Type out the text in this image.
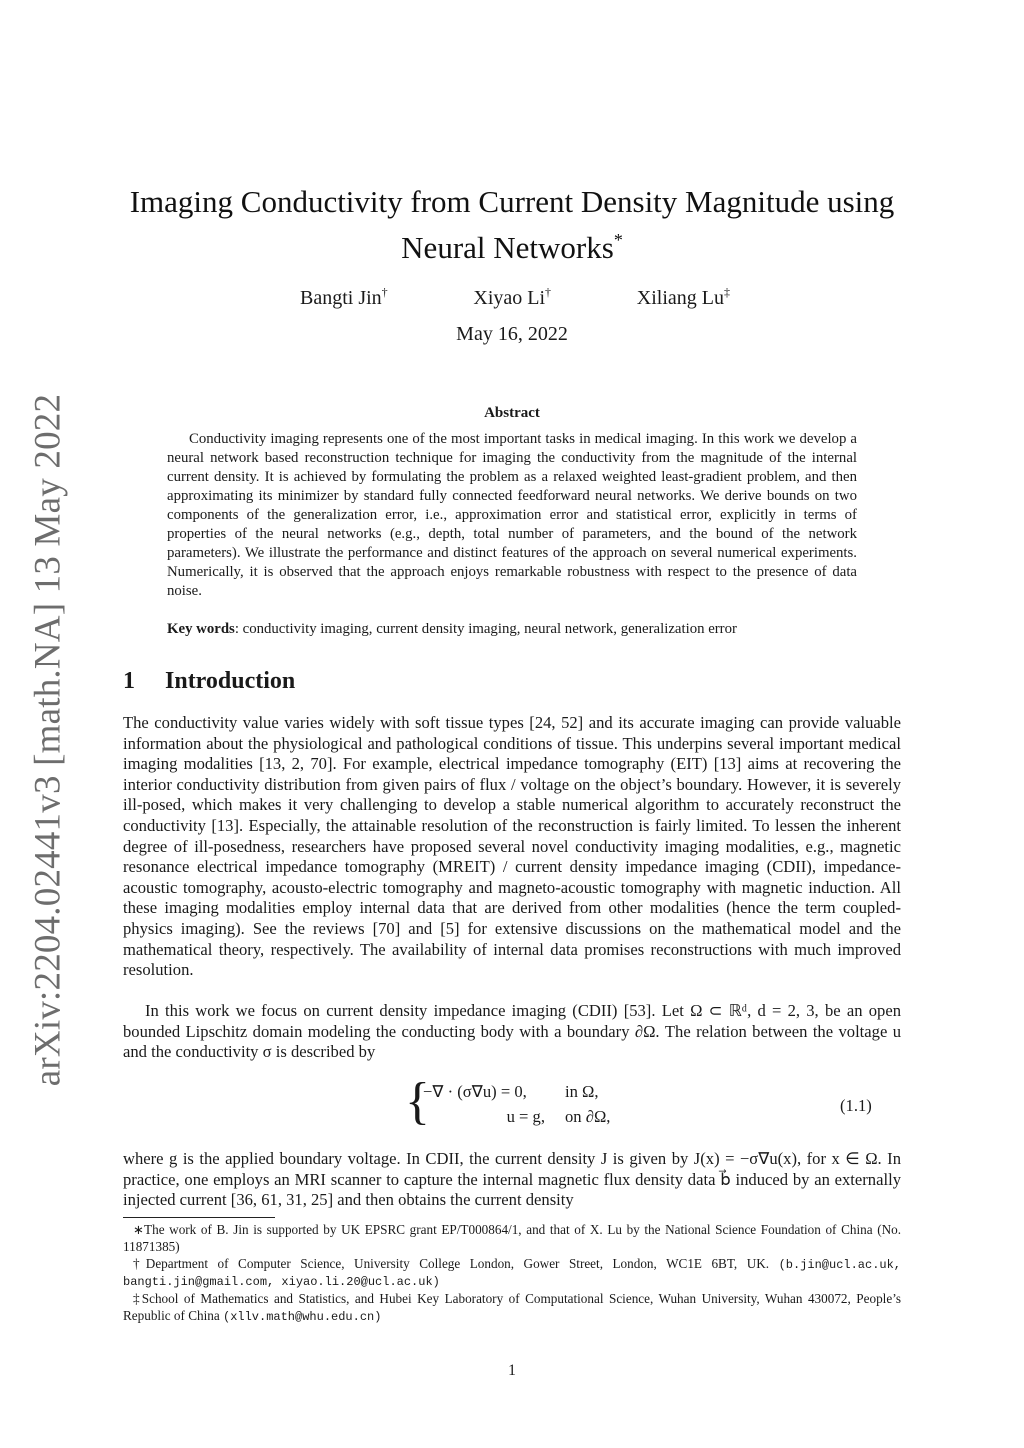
arXiv:2204.02441v3 [math.NA] 13 May 2022
Imaging Conductivity from Current Density Magnitude using Neural Networks*
Bangti Jin†	Xiyao Li†	Xiliang Lu‡
May 16, 2022
Abstract
Conductivity imaging represents one of the most important tasks in medical imaging. In this work we develop a neural network based reconstruction technique for imaging the conductivity from the magnitude of the internal current density. It is achieved by formulating the problem as a relaxed weighted least-gradient problem, and then approximating its minimizer by standard fully connected feedforward neural networks. We derive bounds on two components of the generalization error, i.e., approximation error and statistical error, explicitly in terms of properties of the neural networks (e.g., depth, total number of parameters, and the bound of the network parameters). We illustrate the performance and distinct features of the approach on several numerical experiments. Numerically, it is observed that the approach enjoys remarkable robustness with respect to the presence of data noise.
Key words: conductivity imaging, current density imaging, neural network, generalization error
1 Introduction
The conductivity value varies widely with soft tissue types [24, 52] and its accurate imaging can provide valuable information about the physiological and pathological conditions of tissue. This underpins several important medical imaging modalities [13, 2, 70]. For example, electrical impedance tomography (EIT) [13] aims at recovering the interior conductivity distribution from given pairs of flux / voltage on the object’s boundary. However, it is severely ill-posed, which makes it very challenging to develop a stable numerical algorithm to accurately reconstruct the conductivity [13]. Especially, the attainable resolution of the reconstruction is fairly limited. To lessen the inherent degree of ill-posedness, researchers have proposed several novel conductivity imaging modalities, e.g., magnetic resonance electrical impedance tomography (MREIT) / current density impedance imaging (CDII), impedance-acoustic tomography, acousto-electric tomography and magneto-acoustic tomography with magnetic induction. All these imaging modalities employ internal data that are derived from other modalities (hence the term coupled-physics imaging). See the reviews [70] and [5] for extensive discussions on the mathematical model and the mathematical theory, respectively. The availability of internal data promises reconstructions with much improved resolution.
In this work we focus on current density impedance imaging (CDII) [53]. Let Ω ⊂ ℝᵈ, d = 2, 3, be an open bounded Lipschitz domain modeling the conducting body with a boundary ∂Ω. The relation between the voltage u and the conductivity σ is described by
{
−∇ · (σ∇u) = 0, in Ω,
u = g, on ∂Ω,
(1.1)
where g is the applied boundary voltage. In CDII, the current density J is given by J(x) = −σ∇u(x), for x ∈ Ω. In practice, one employs an MRI scanner to capture the internal magnetic flux density data b⃗ induced by an externally injected current [36, 61, 31, 25] and then obtains the current density

∗The work of B. Jin is supported by UK EPSRC grant EP/T000864/1, and that of X. Lu by the National Science Foundation of China (No. 11871385)

†Department of Computer Science, University College London, Gower Street, London, WC1E 6BT, UK. (b.jin@ucl.ac.uk, bangti.jin@gmail.com, xiyao.li.20@ucl.ac.uk)

‡School of Mathematics and Statistics, and Hubei Key Laboratory of Computational Science, Wuhan University, Wuhan 430072, People’s Republic of China (xllv.math@whu.edu.cn)

1
